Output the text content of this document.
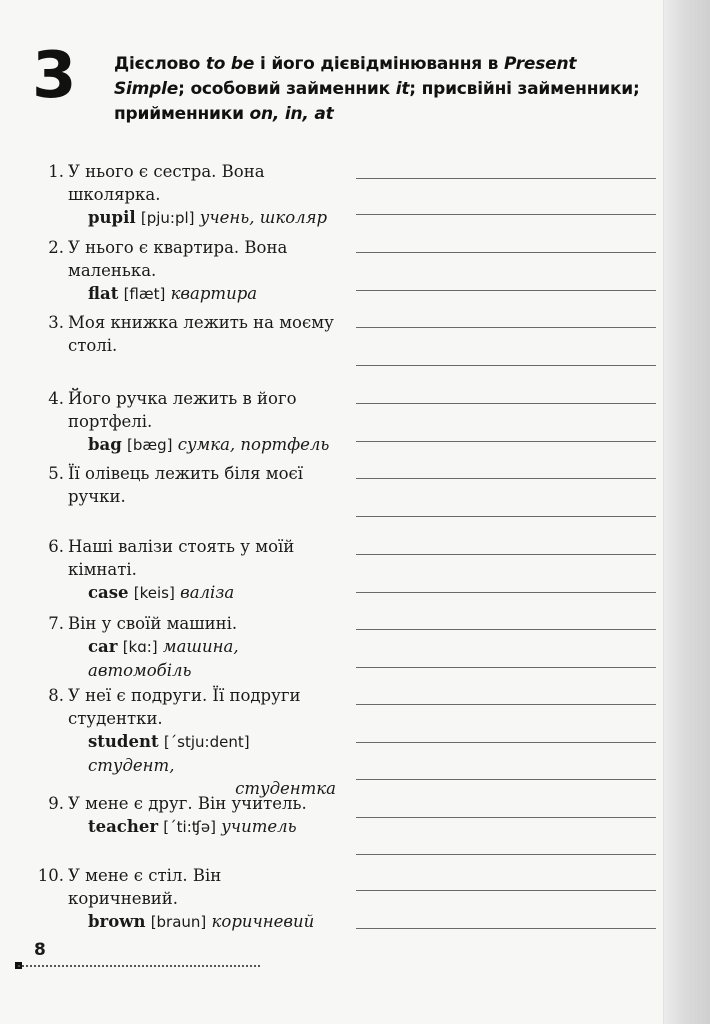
3 Дієслово to be і його дієвідмінювання в Present Simple; особовий займенник it; присвійні займенники; прийменники on, in, at
1. У нього є сестра. Вона школярка.
pupil [pju:pl] учень, школяр
2. У нього є квартира. Вона маленька.
flat [flæt] квартира
3. Моя книжка лежить на моєму столі.
4. Його ручка лежить в його портфелі.
bag [bæg] сумка, портфель
5. Її олівець лежить біля моєї ручки.
6. Наші валізи стоять у моїй кімнаті.
case [keis] валіза
7. Він у своїй машині.
car [kɑ:] машина, автомобіль
8. У неї є подруги. Її подруги студентки.
student [ˊstju:dent] студент,
студентка
9. У мене є друг. Він учитель.
teacher [ˊti:ʧə] учитель
10. У мене є стіл. Він коричневий.
brown [braun] коричневий
8
